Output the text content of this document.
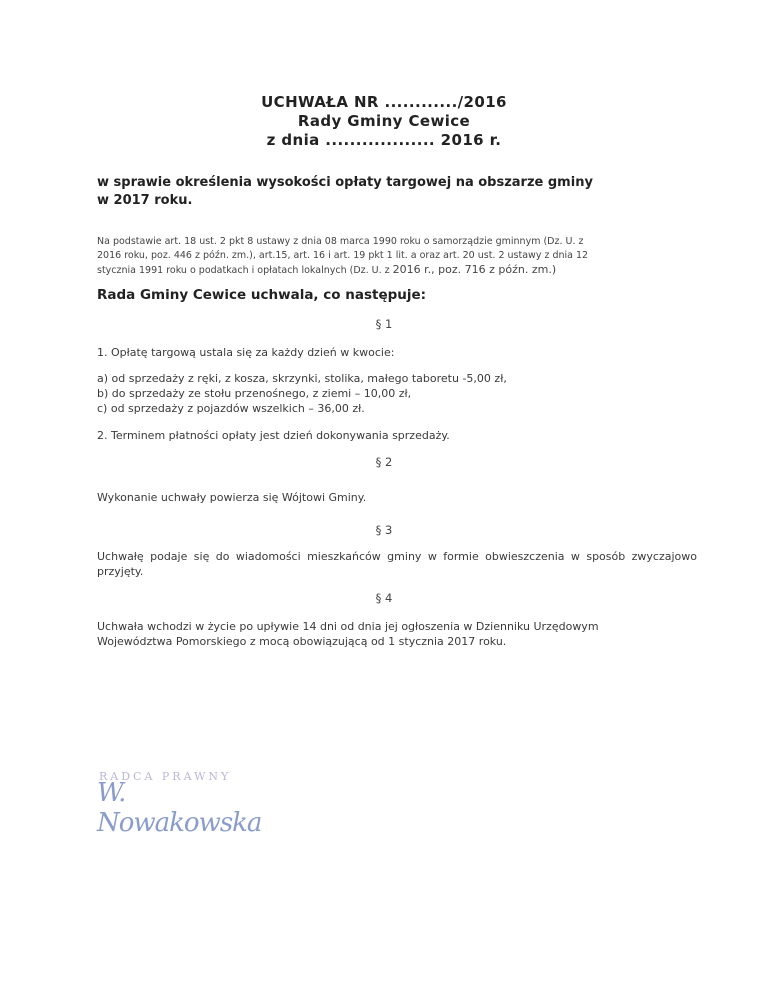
UCHWAŁA NR ............/2016
Rady Gminy Cewice
z dnia .................. 2016 r.
w sprawie określenia wysokości opłaty targowej na obszarze gminy
w 2017 roku.
Na podstawie art. 18 ust. 2 pkt 8 ustawy z dnia 08 marca 1990 roku o samorządzie gminnym (Dz. U. z
2016 roku, poz. 446 z późn. zm.), art.15, art. 16 i art. 19 pkt 1 lit. a oraz art. 20 ust. 2 ustawy z dnia 12
stycznia 1991 roku o podatkach i opłatach lokalnych (Dz. U. z 2016 r., poz. 716 z późn. zm.)
Rada Gminy Cewice uchwala, co następuje:
§ 1
1. Opłatę targową ustala się za każdy dzień w kwocie:
a) od sprzedaży z ręki, z kosza, skrzynki, stolika, małego taboretu -5,00 zł,
b) do sprzedaży ze stołu przenośnego, z ziemi – 10,00 zł,
c) od sprzedaży z pojazdów wszelkich – 36,00 zł.
2. Terminem płatności opłaty jest dzień dokonywania sprzedaży.
§ 2
Wykonanie uchwały powierza się Wójtowi Gminy.
§ 3
Uchwałę podaje się do wiadomości mieszkańców gminy w formie obwieszczenia w sposób zwyczajowo przyjęty.
§ 4
Uchwała wchodzi w życie po upływie 14 dni od dnia jej ogłoszenia w Dzienniku Urzędowym Województwa Pomorskiego z mocą obowiązującą od 1 stycznia 2017 roku.
RADCA PRAWNY
W. Nowakowska
